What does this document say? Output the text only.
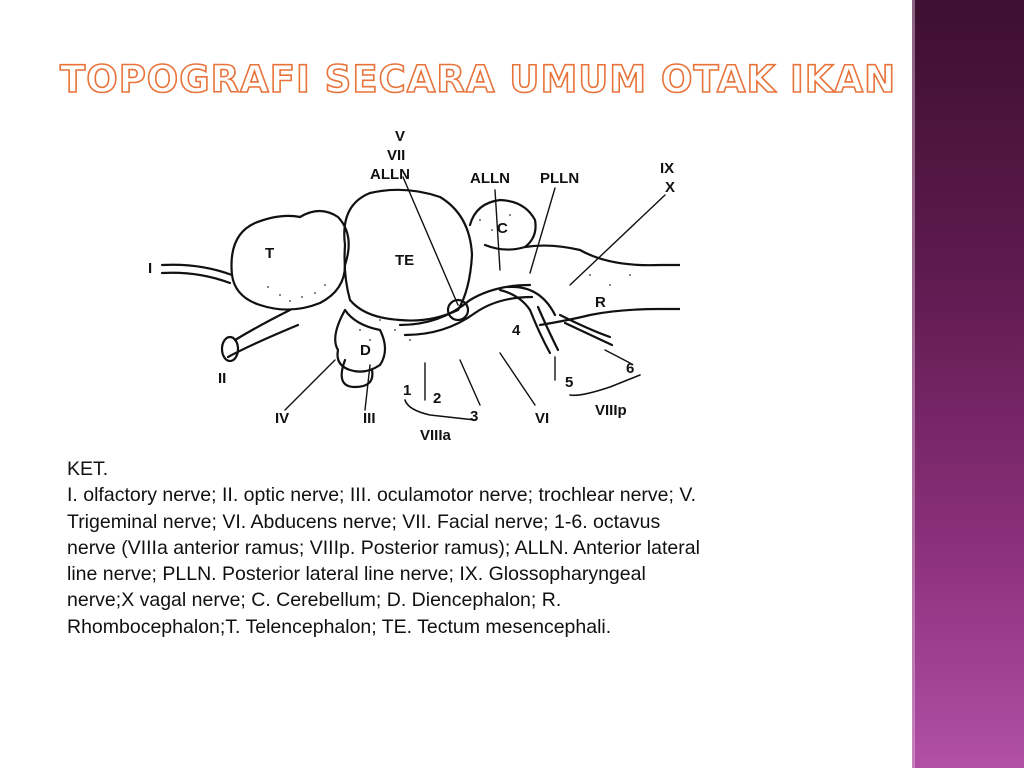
TOPOGRAFI SECARA UMUM OTAK IKAN
V
VII
ALLN	ALLN PLLN
IX
X
C
T	TE
I
R
D
II
IV	III
1 2
3
4
5
6
VI
VIIIa
VIIIp
KET.
I. olfactory nerve; II. optic nerve; III. oculamotor nerve; trochlear nerve; V.
Trigeminal nerve; VI. Abducens nerve; VII. Facial nerve; 1-6. octavus
nerve (VIIIa anterior ramus; VIIIp. Posterior ramus); ALLN. Anterior lateral
line nerve; PLLN. Posterior lateral line nerve; IX. Glossopharyngeal
nerve;X vagal nerve; C. Cerebellum; D. Diencephalon; R.
Rhombocephalon;T. Telencephalon; TE. Tectum mesencephali.
